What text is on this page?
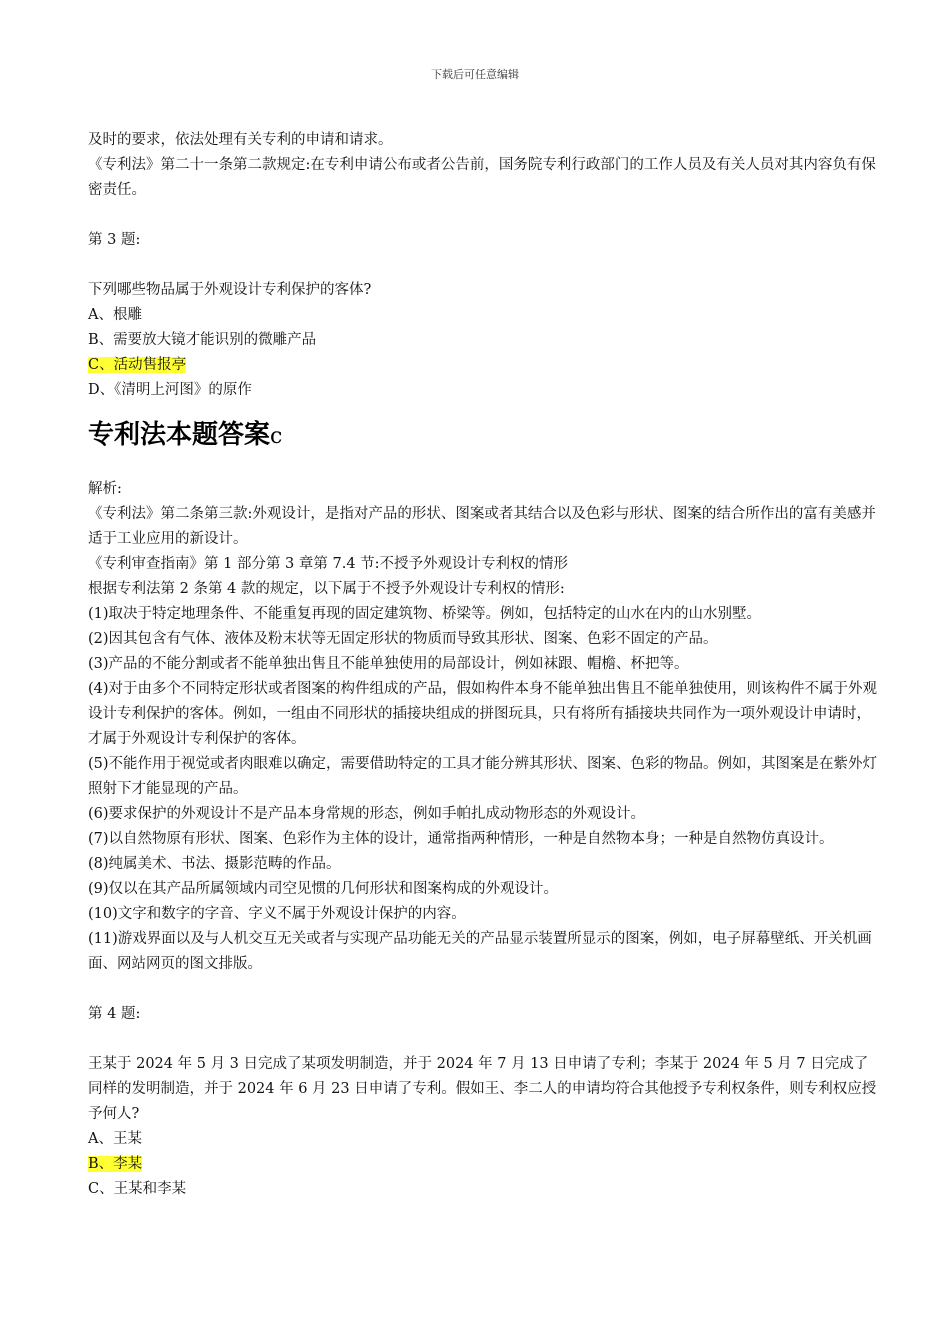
下载后可任意编辑
及时的要求，依法处理有关专利的申请和请求。
《专利法》第二十一条第二款规定:在专利申请公布或者公告前，国务院专利行政部门的工作人员及有关人员对其内容负有保密责任。
第 3 题:
下列哪些物品属于外观设计专利保护的客体?
A、根雕
B、需要放大镜才能识别的微雕产品
C、活动售报亭
D、《清明上河图》的原作
专利法本题答案c
解析:
《专利法》第二条第三款:外观设计，是指对产品的形状、图案或者其结合以及色彩与形状、图案的结合所作出的富有美感并适于工业应用的新设计。
《专利审查指南》第 1 部分第 3 章第 7.4 节:不授予外观设计专利权的情形
根据专利法第 2 条第 4 款的规定，以下属于不授予外观设计专利权的情形:
(1)取决于特定地理条件、不能重复再现的固定建筑物、桥梁等。例如，包括特定的山水在内的山水别墅。
(2)因其包含有气体、液体及粉末状等无固定形状的物质而导致其形状、图案、色彩不固定的产品。
(3)产品的不能分割或者不能单独出售且不能单独使用的局部设计，例如袜跟、帽檐、杯把等。
(4)对于由多个不同特定形状或者图案的构件组成的产品，假如构件本身不能单独出售且不能单独使用，则该构件不属于外观设计专利保护的客体。例如，一组由不同形状的插接块组成的拼图玩具，只有将所有插接块共同作为一项外观设计申请时，才属于外观设计专利保护的客体。
(5)不能作用于视觉或者肉眼难以确定，需要借助特定的工具才能分辨其形状、图案、色彩的物品。例如，其图案是在紫外灯照射下才能显现的产品。
(6)要求保护的外观设计不是产品本身常规的形态，例如手帕扎成动物形态的外观设计。
(7)以自然物原有形状、图案、色彩作为主体的设计，通常指两种情形，一种是自然物本身；一种是自然物仿真设计。
(8)纯属美术、书法、摄影范畴的作品。
(9)仅以在其产品所属领域内司空见惯的几何形状和图案构成的外观设计。
(10)文字和数字的字音、字义不属于外观设计保护的内容。
(11)游戏界面以及与人机交互无关或者与实现产品功能无关的产品显示装置所显示的图案，例如，电子屏幕壁纸、开关机画面、网站网页的图文排版。
第 4 题:
王某于 2024 年 5 月 3 日完成了某项发明制造，并于 2024 年 7 月 13 日申请了专利；李某于 2024 年 5 月 7 日完成了同样的发明制造，并于 2024 年 6 月 23 日申请了专利。假如王、李二人的申请均符合其他授予专利权条件，则专利权应授予何人?
A、王某
B、李某
C、王某和李某
